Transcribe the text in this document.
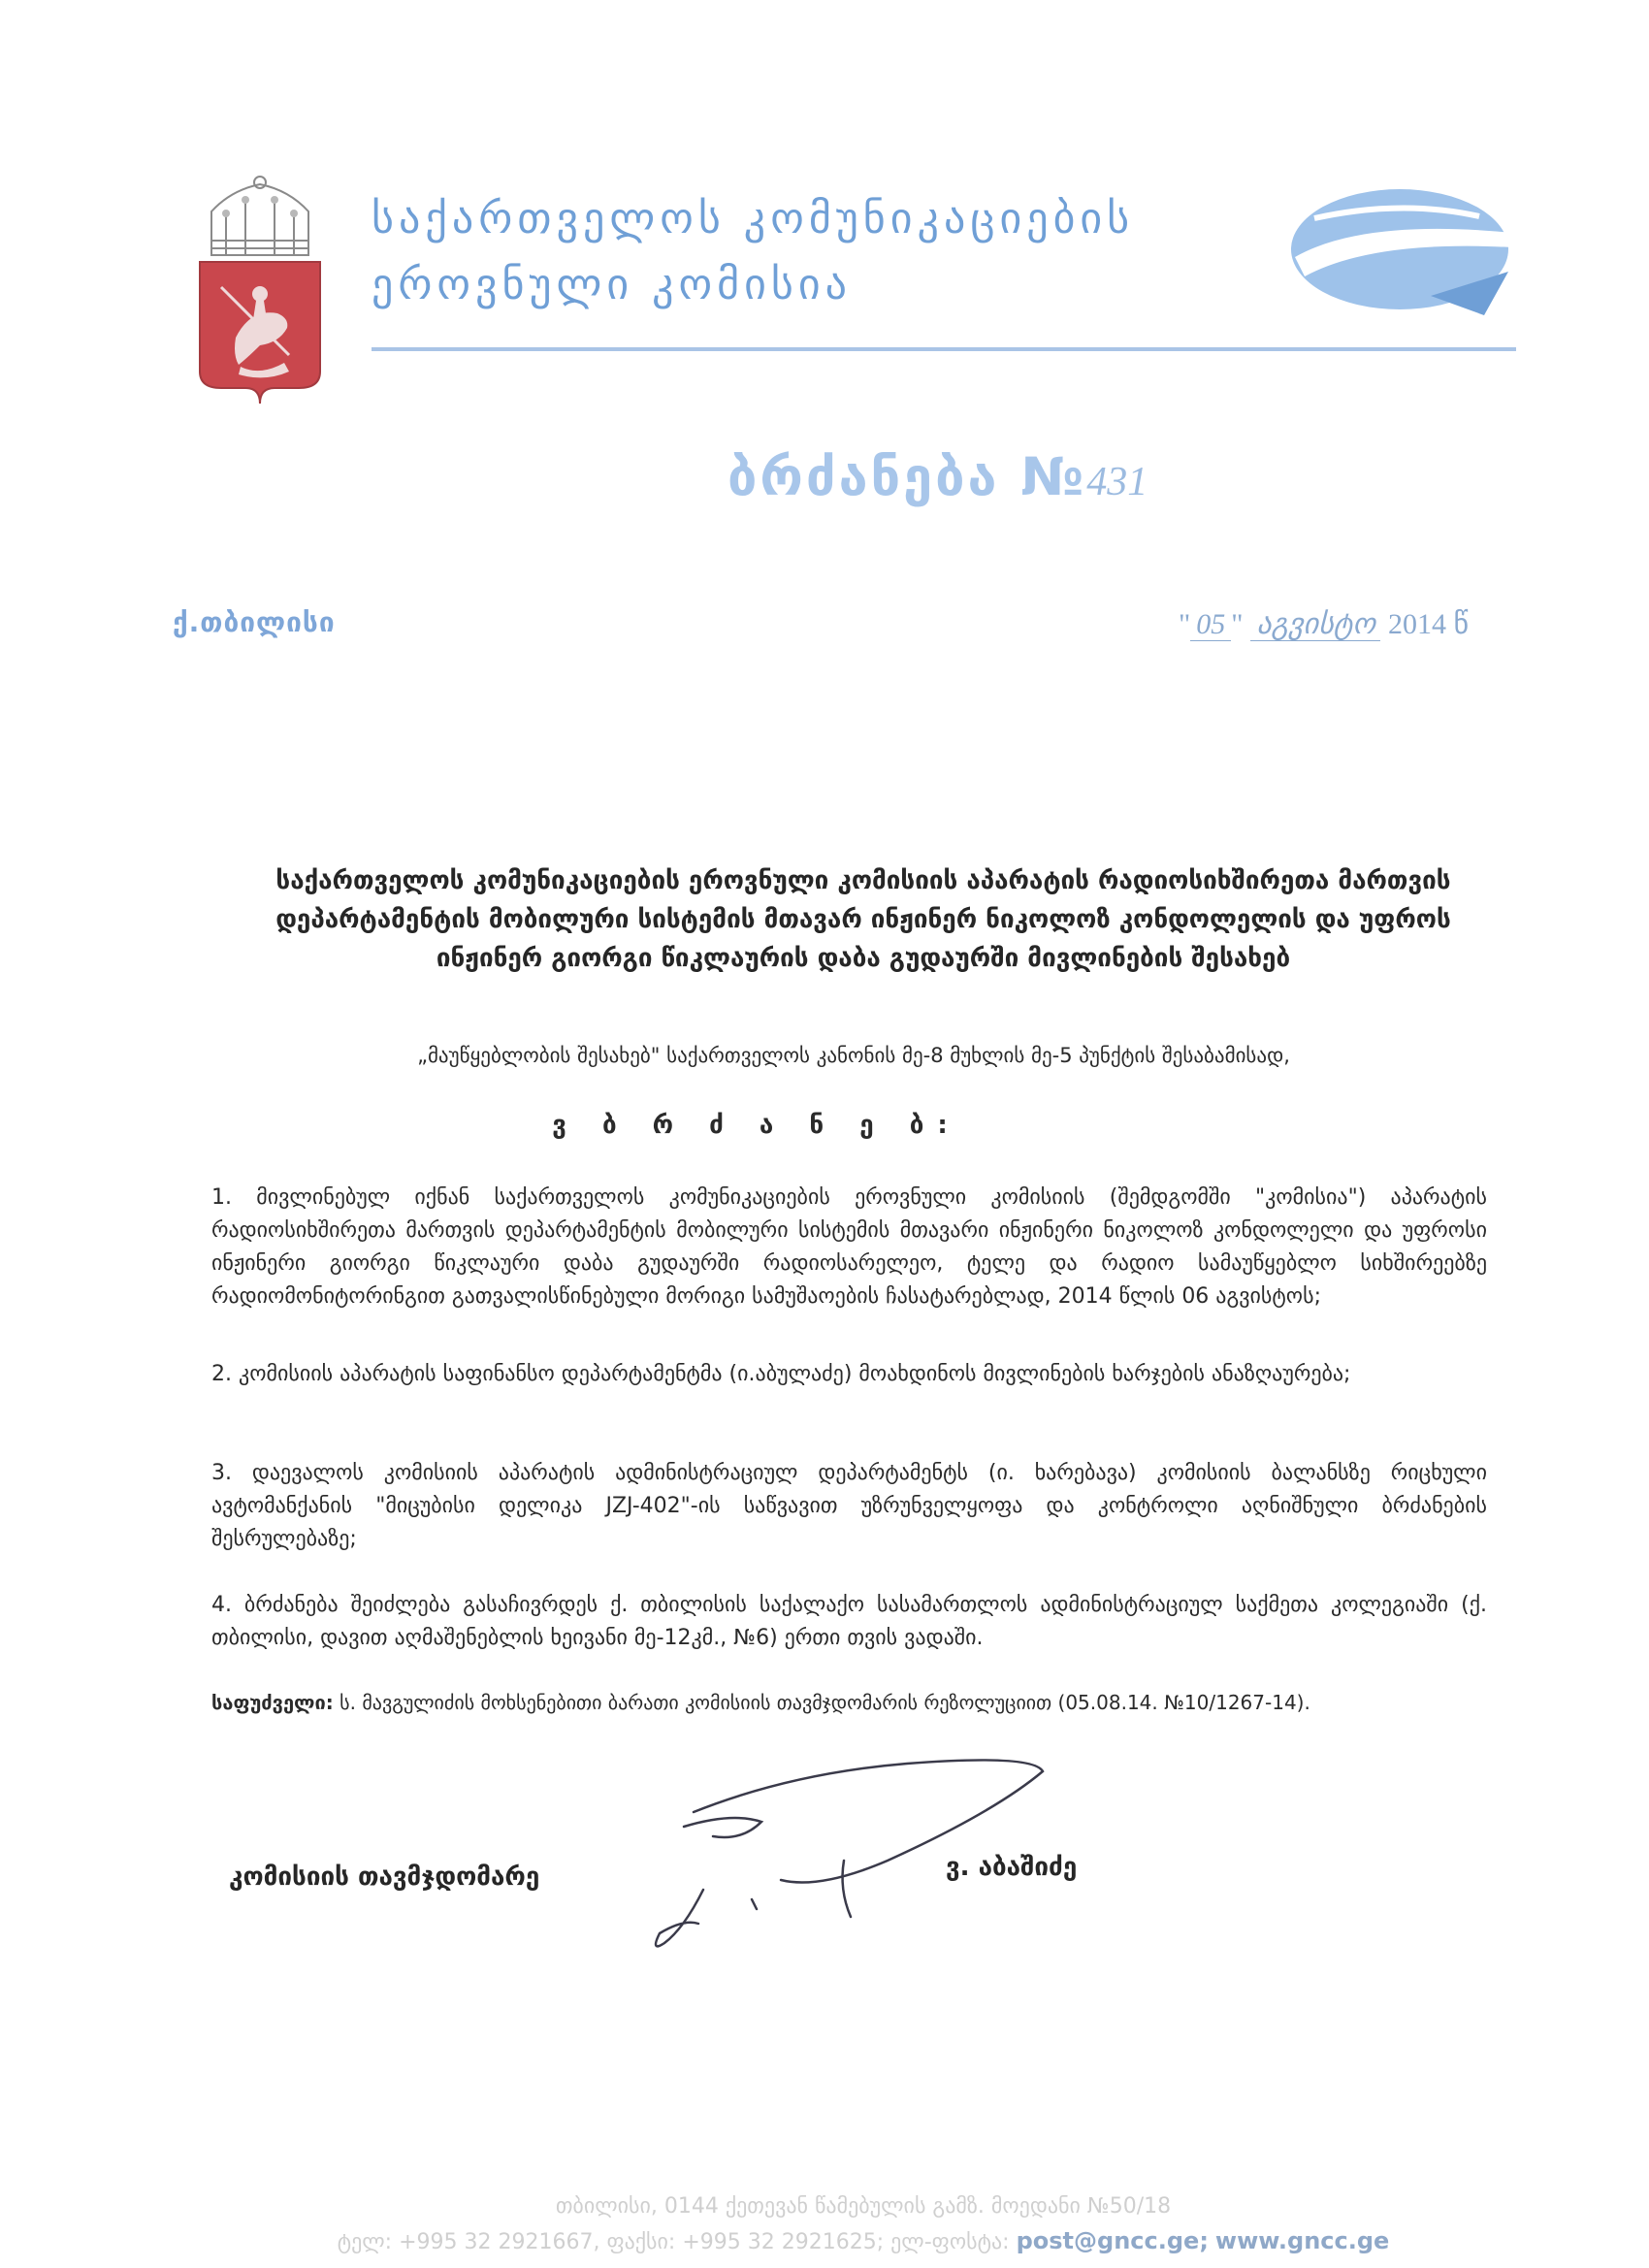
საქართველოს კომუნიკაციების
ეროვნული კომისია
ბრძანება №431
ქ.თბილისი	" 05 " აგვისტო 2014 წ
საქართველოს კომუნიკაციების ეროვნული კომისიის აპარატის რადიოსიხშირეთა მართვის დეპარტამენტის მობილური სისტემის მთავარ ინჟინერ ნიკოლოზ კონდოლელის და უფროს ინჟინერ გიორგი წიკლაურის დაბა გუდაურში მივლინების შესახებ
„მაუწყებლობის შესახებ" საქართველოს კანონის მე-8 მუხლის მე-5 პუნქტის შესაბამისად,
ვ ბ რ ძ ა ნ ე ბ:
1. მივლინებულ იქნან საქართველოს კომუნიკაციების ეროვნული კომისიის (შემდგომში "კომისია") აპარატის რადიოსიხშირეთა მართვის დეპარტამენტის მობილური სისტემის მთავარი ინჟინერი ნიკოლოზ კონდოლელი და უფროსი ინჟინერი გიორგი წიკლაური დაბა გუდაურში რადიოსარელეო, ტელე და რადიო სამაუწყებლო სიხშირეებზე რადიომონიტორინგით გათვალისწინებული მორიგი სამუშაოების ჩასატარებლად, 2014 წლის 06 აგვისტოს;
2. კომისიის აპარატის საფინანსო დეპარტამენტმა (ი.აბულაძე) მოახდინოს მივლინების ხარჯების ანაზღაურება;
3. დაევალოს კომისიის აპარატის ადმინისტრაციულ დეპარტამენტს (ი. ხარებავა) კომისიის ბალანსზე რიცხული ავტომანქანის "მიცუბისი დელიკა JZJ-402"-ის საწვავით უზრუნველყოფა და კონტროლი აღნიშნული ბრძანების შესრულებაზე;
4. ბრძანება შეიძლება გასაჩივრდეს ქ. თბილისის საქალაქო სასამართლოს ადმინისტრაციულ საქმეთა კოლეგიაში (ქ. თბილისი, დავით აღმაშენებლის ხეივანი მე-12კმ., №6) ერთი თვის ვადაში.
საფუძველი: ს. მავგულიძის მოხსენებითი ბარათი კომისიის თავმჯდომარის რეზოლუციით (05.08.14. №10/1267-14).
კომისიის თავმჯდომარე	ვ. აბაშიძე
თბილისი, 0144 ქეთევან წამებულის გამზ. მოედანი №50/18
ტელ: +995 32 2921667, ფაქსი: +995 32 2921625; ელ-ფოსტა: post@gncc.ge; www.gncc.ge
